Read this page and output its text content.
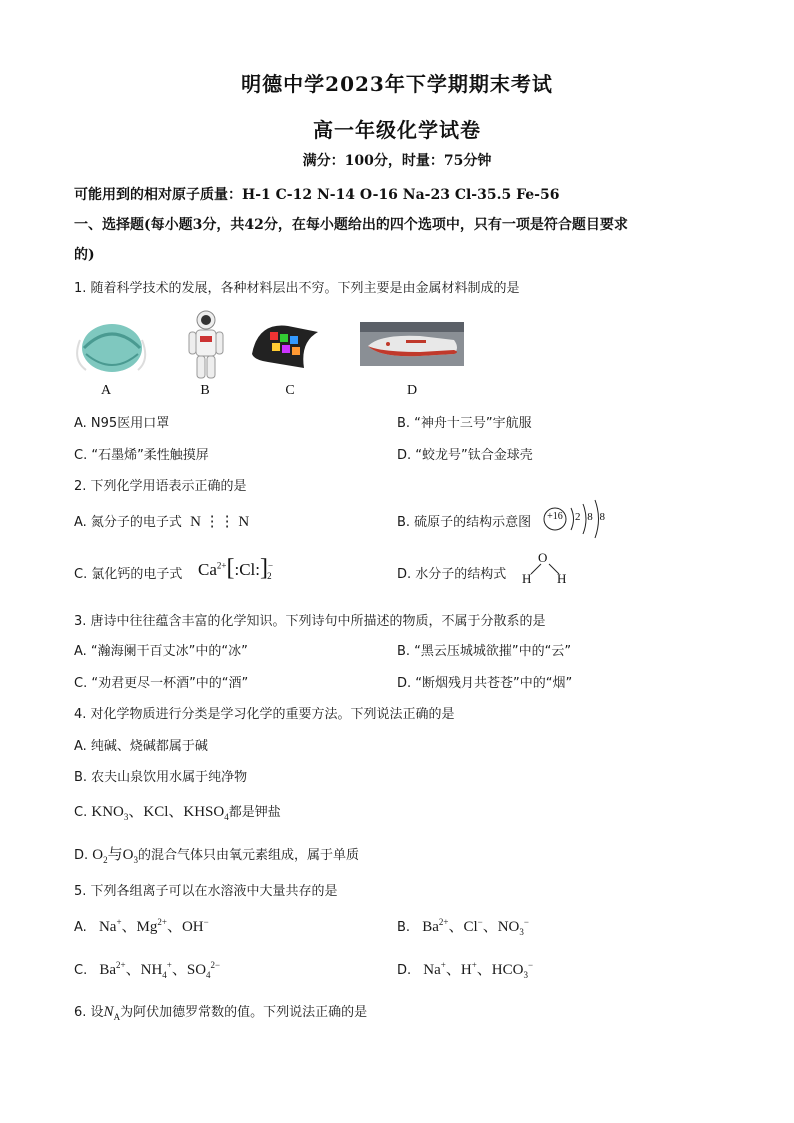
明德中学2023年下学期期末考试
高一年级化学试卷
满分：100分，时量：75分钟
可能用到的相对原子质量：H-1 C-12 N-14 O-16 Na-23 Cl-35.5 Fe-56
一、选择题(每小题3分，共42分，在每小题给出的四个选项中，只有一项是符合题目要求
的)
1. 随着科学技术的发展，各种材料层出不穷。下列主要是由金属材料制成的是
A	B	C	D
A. N95医用口罩	B. “神舟十三号”宇航服
C. “石墨烯”柔性触摸屏	D. “蛟龙号”钛合金球壳
2. 下列化学用语表示正确的是
A. 氮分子的电子式 N ⋮⋮ N	B. 硫原子的结构示意图	+16 2 8 8
C. 氯化钙的电子式 $Ca^{2+}[:Cl:]^-_2$	D. 水分子的结构式
O
H H
3. 唐诗中往往蕴含丰富的化学知识。下列诗句中所描述的物质，不属于分散系的是
A. “瀚海阑干百丈冰”中的“冰”	B. “黑云压城城欲摧”中的“云”
C. “劝君更尽一杯酒”中的“酒”	D. “断烟残月共苍苍”中的“烟”
4. 对化学物质进行分类是学习化学的重要方法。下列说法正确的是
A. 纯碱、烧碱都属于碱
B. 农夫山泉饮用水属于纯净物
C. $KNO_3$、KCl、$KHSO_4$都是钾盐
D. $O_2$与$O_3$的混合气体只由氧元素组成，属于单质
5. 下列各组离子可以在水溶液中大量共存的是
A. Na+、$Mg^{2+}$、OH−	B. $Ba^{2+}$、Cl−、$NO_3^-$
C. $Ba^{2+}$、$NH_4^+$、$SO_4^{2-}$	D. Na+、H+、$HCO_3^-$
6. 设$N_A$为阿伏加德罗常数的值。下列说法正确的是
